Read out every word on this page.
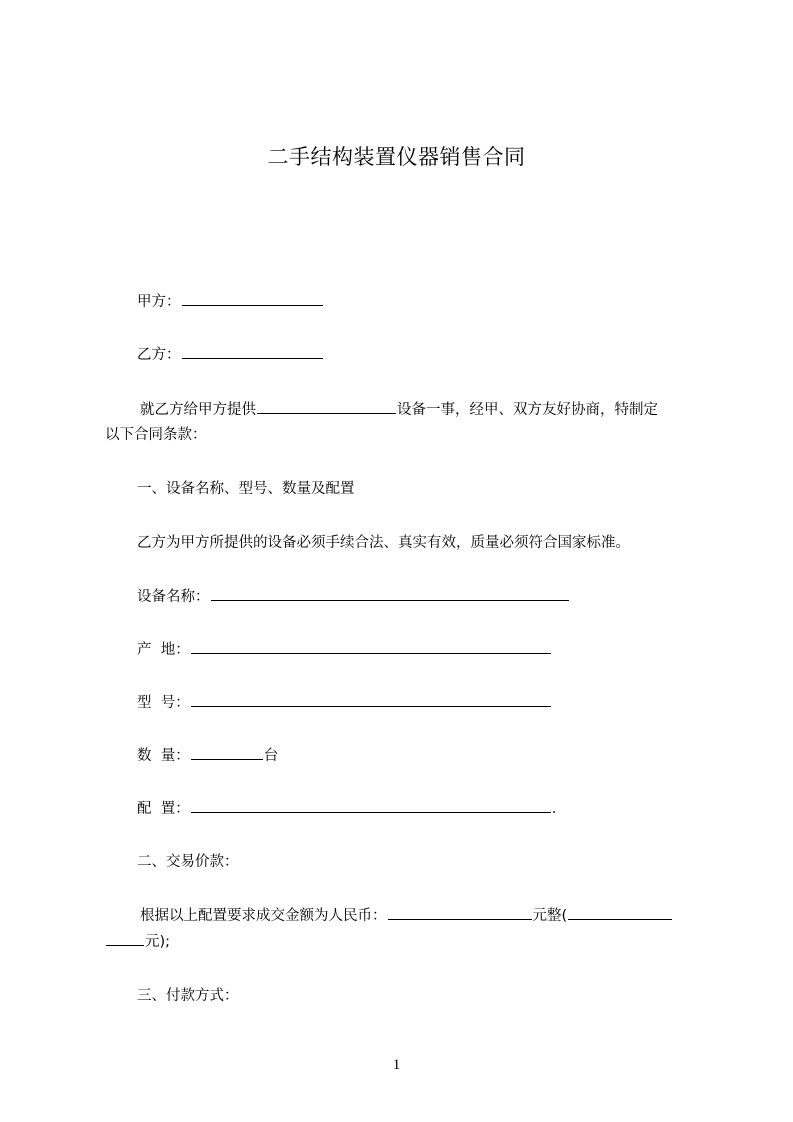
二手结构装置仪器销售合同
甲方：
乙方：
就乙方给甲方提供	设备一事，经甲、双方友好协商，特制定
以下合同条款：
一、设备名称、型号、数量及配置
乙方为甲方所提供的设备必须手续合法、真实有效，质量必须符合国家标准。
设备名称：
产  地：
型  号：
数  量：	台
配  置：	.
二、交易价款：
根据以上配置要求成交金额为人民币：	元整(
元);
三、付款方式：
1
